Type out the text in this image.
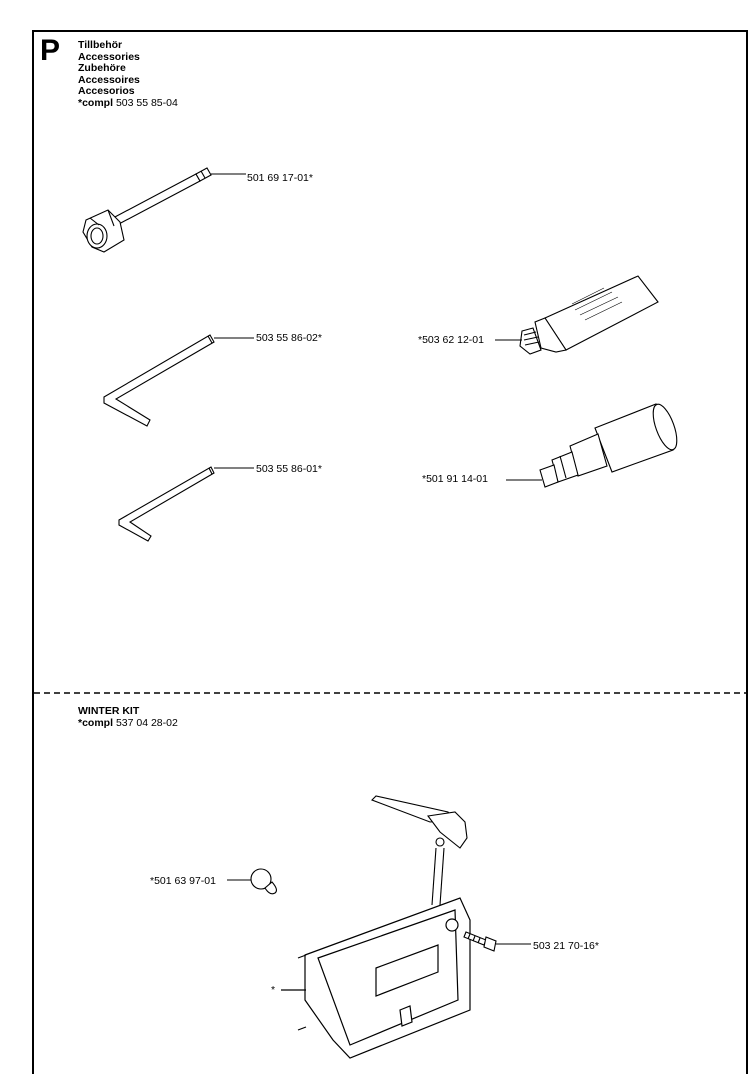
P Tillbehör
Accessories
Zubehöre
Accessoires
Accesorios
*compl 503 55 85-04
WINTER KIT
*compl 537 04 28-02
501 69 17-01*
503 55 86-02*
503 55 86-01*
*503 62 12-01
*501 91 14-01
*501 63 97-01
503 21 70-16*
*
